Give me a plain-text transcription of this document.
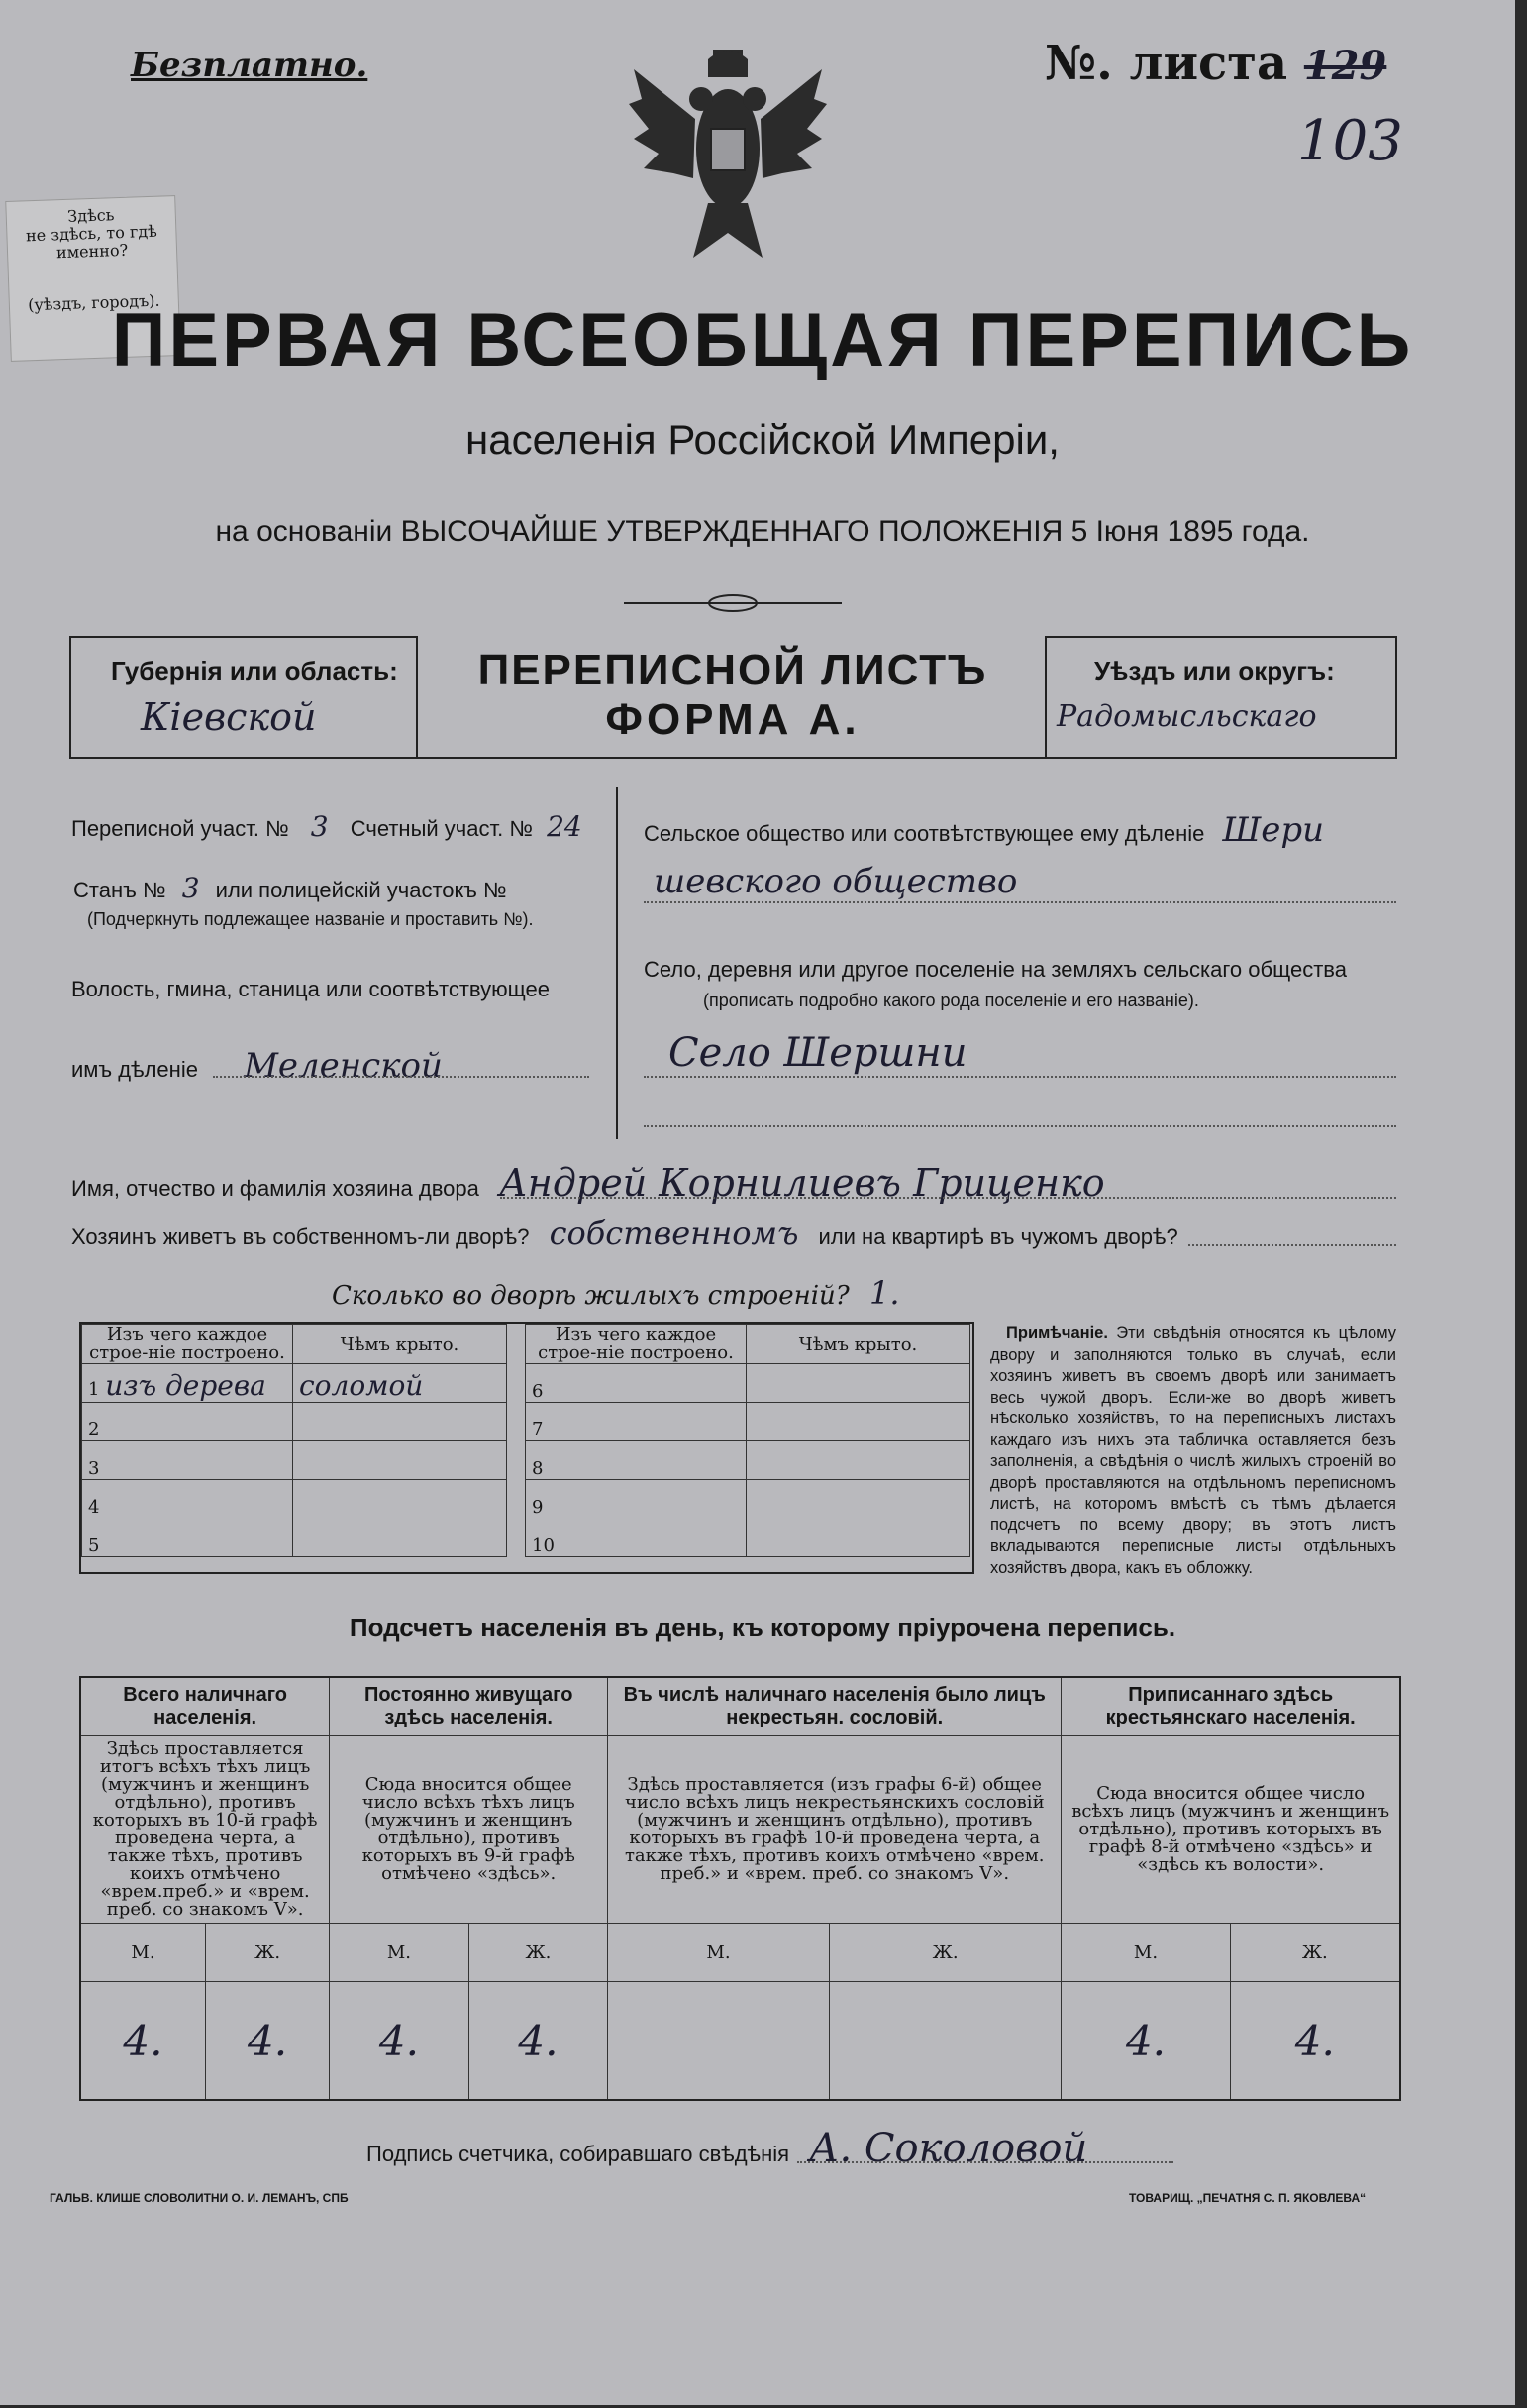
Безплатно.	№. листа 129
103
Здѣсь
не здѣсь, то гдѣ
именно?
(уѣздъ, городъ).
ПЕРВАЯ ВСЕОБЩАЯ ПЕРЕПИСЬ
населенія Россійской Имперіи,
на основаніи ВЫСОЧАЙШЕ УТВЕРЖДЕННАГО ПОЛОЖЕНІЯ 5 Іюня 1895 года.
Губернія или область:
Кіевской
ПЕРЕПИСНОЙ ЛИСТЪ
ФОРМА А.
Уѣздъ или округъ:
Радомысльскаго
Переписной участ. № 3 Счетный участ. № 24
Станъ № 3 или полицейскій участокъ №
(Подчеркнуть подлежащее названіе и проставить №).
Волость, гмина, станица или соотвѣтствующее
имъ дѣленіе Меленской
Сельское общество или соотвѣтствующее ему дѣленіе Шери
шевского общество
Село, деревня или другое поселеніе на земляхъ сельскаго общества
(прописать подробно какого рода поселеніе и его названіе).
Село Шершни
Имя, отчество и фамилія хозяина двора Андрей Корнилиевъ Гриценко
Хозяинъ живетъ въ собственномъ-ли дворѣ? собственномъ или на квартирѣ въ чужомъ дворѣ?
Сколько во дворѣ жилыхъ строеній? 1.
Изъ чего каждое строе-ніе построено.	Чѣмъ крыто.
1 изъ дерева	соломой
2	
3	
4	
5	
Изъ чего каждое строе-ніе построено.	Чѣмъ крыто.
6	
7	
8	
9	
10	
Примѣчаніе. Эти свѣдѣнія относятся къ цѣлому двору и заполняются только въ случаѣ, если хозяинъ живетъ въ своемъ дворѣ или занимаетъ весь чужой дворъ. Если-же во дворѣ живетъ нѣсколько хозяйствъ, то на переписныхъ листахъ каждаго изъ нихъ эта табличка оставляется безъ заполненія, а свѣдѣнія о числѣ жилыхъ строеній во дворѣ проставляются на отдѣльномъ переписномъ листѣ, на которомъ вмѣстѣ съ тѣмъ дѣлается подсчетъ по всему двору; въ этотъ листъ вкладываются переписные листы отдѣльныхъ хозяйствъ двора, какъ въ обложку.
Подсчетъ населенія въ день, къ которому пріурочена перепись.
Всего наличнаго населенія.		Постоянно живущаго здѣсь населенія.		Въ числѣ наличнаго населенія было лицъ некрестьян. сословій.		Приписаннаго здѣсь крестьянскаго населенія.	
Здѣсь проставляется итогъ всѣхъ тѣхъ лицъ (мужчинъ и женщинъ отдѣльно), противъ которыхъ въ 10-й графѣ проведена черта, а также тѣхъ, противъ коихъ отмѣчено «врем.преб.» и «врем. преб. со знакомъ V».		Сюда вносится общее число всѣхъ тѣхъ лицъ (мужчинъ и женщинъ отдѣльно), противъ которыхъ въ 9-й графѣ отмѣчено «здѣсь».		Здѣсь проставляется (изъ графы 6-й) общее число всѣхъ лицъ некрестьянскихъ сословій (мужчинъ и женщинъ отдѣльно), противъ которыхъ въ графѣ 10-й проведена черта, а также тѣхъ, противъ коихъ отмѣчено «врем. преб.» и «врем. преб. со знакомъ V».		Сюда вносится общее число всѣхъ лицъ (мужчинъ и женщинъ отдѣльно), противъ которыхъ въ графѣ 8-й отмѣчено «здѣсь» и «здѣсь къ волости».	
М.	Ж.	М.	Ж.	М.	Ж.	М.	Ж.
4.	4.	4.	4.			4.	4.
Подпись счетчика, собиравшаго свѣдѣнія А. Соколовой
ГАЛЬВ. КЛИШЕ СЛОВОЛИТНИ О. И. ЛЕМАНЪ, СПБ	ТОВАРИЩ. „ПЕЧАТНЯ С. П. ЯКОВЛЕВА“
